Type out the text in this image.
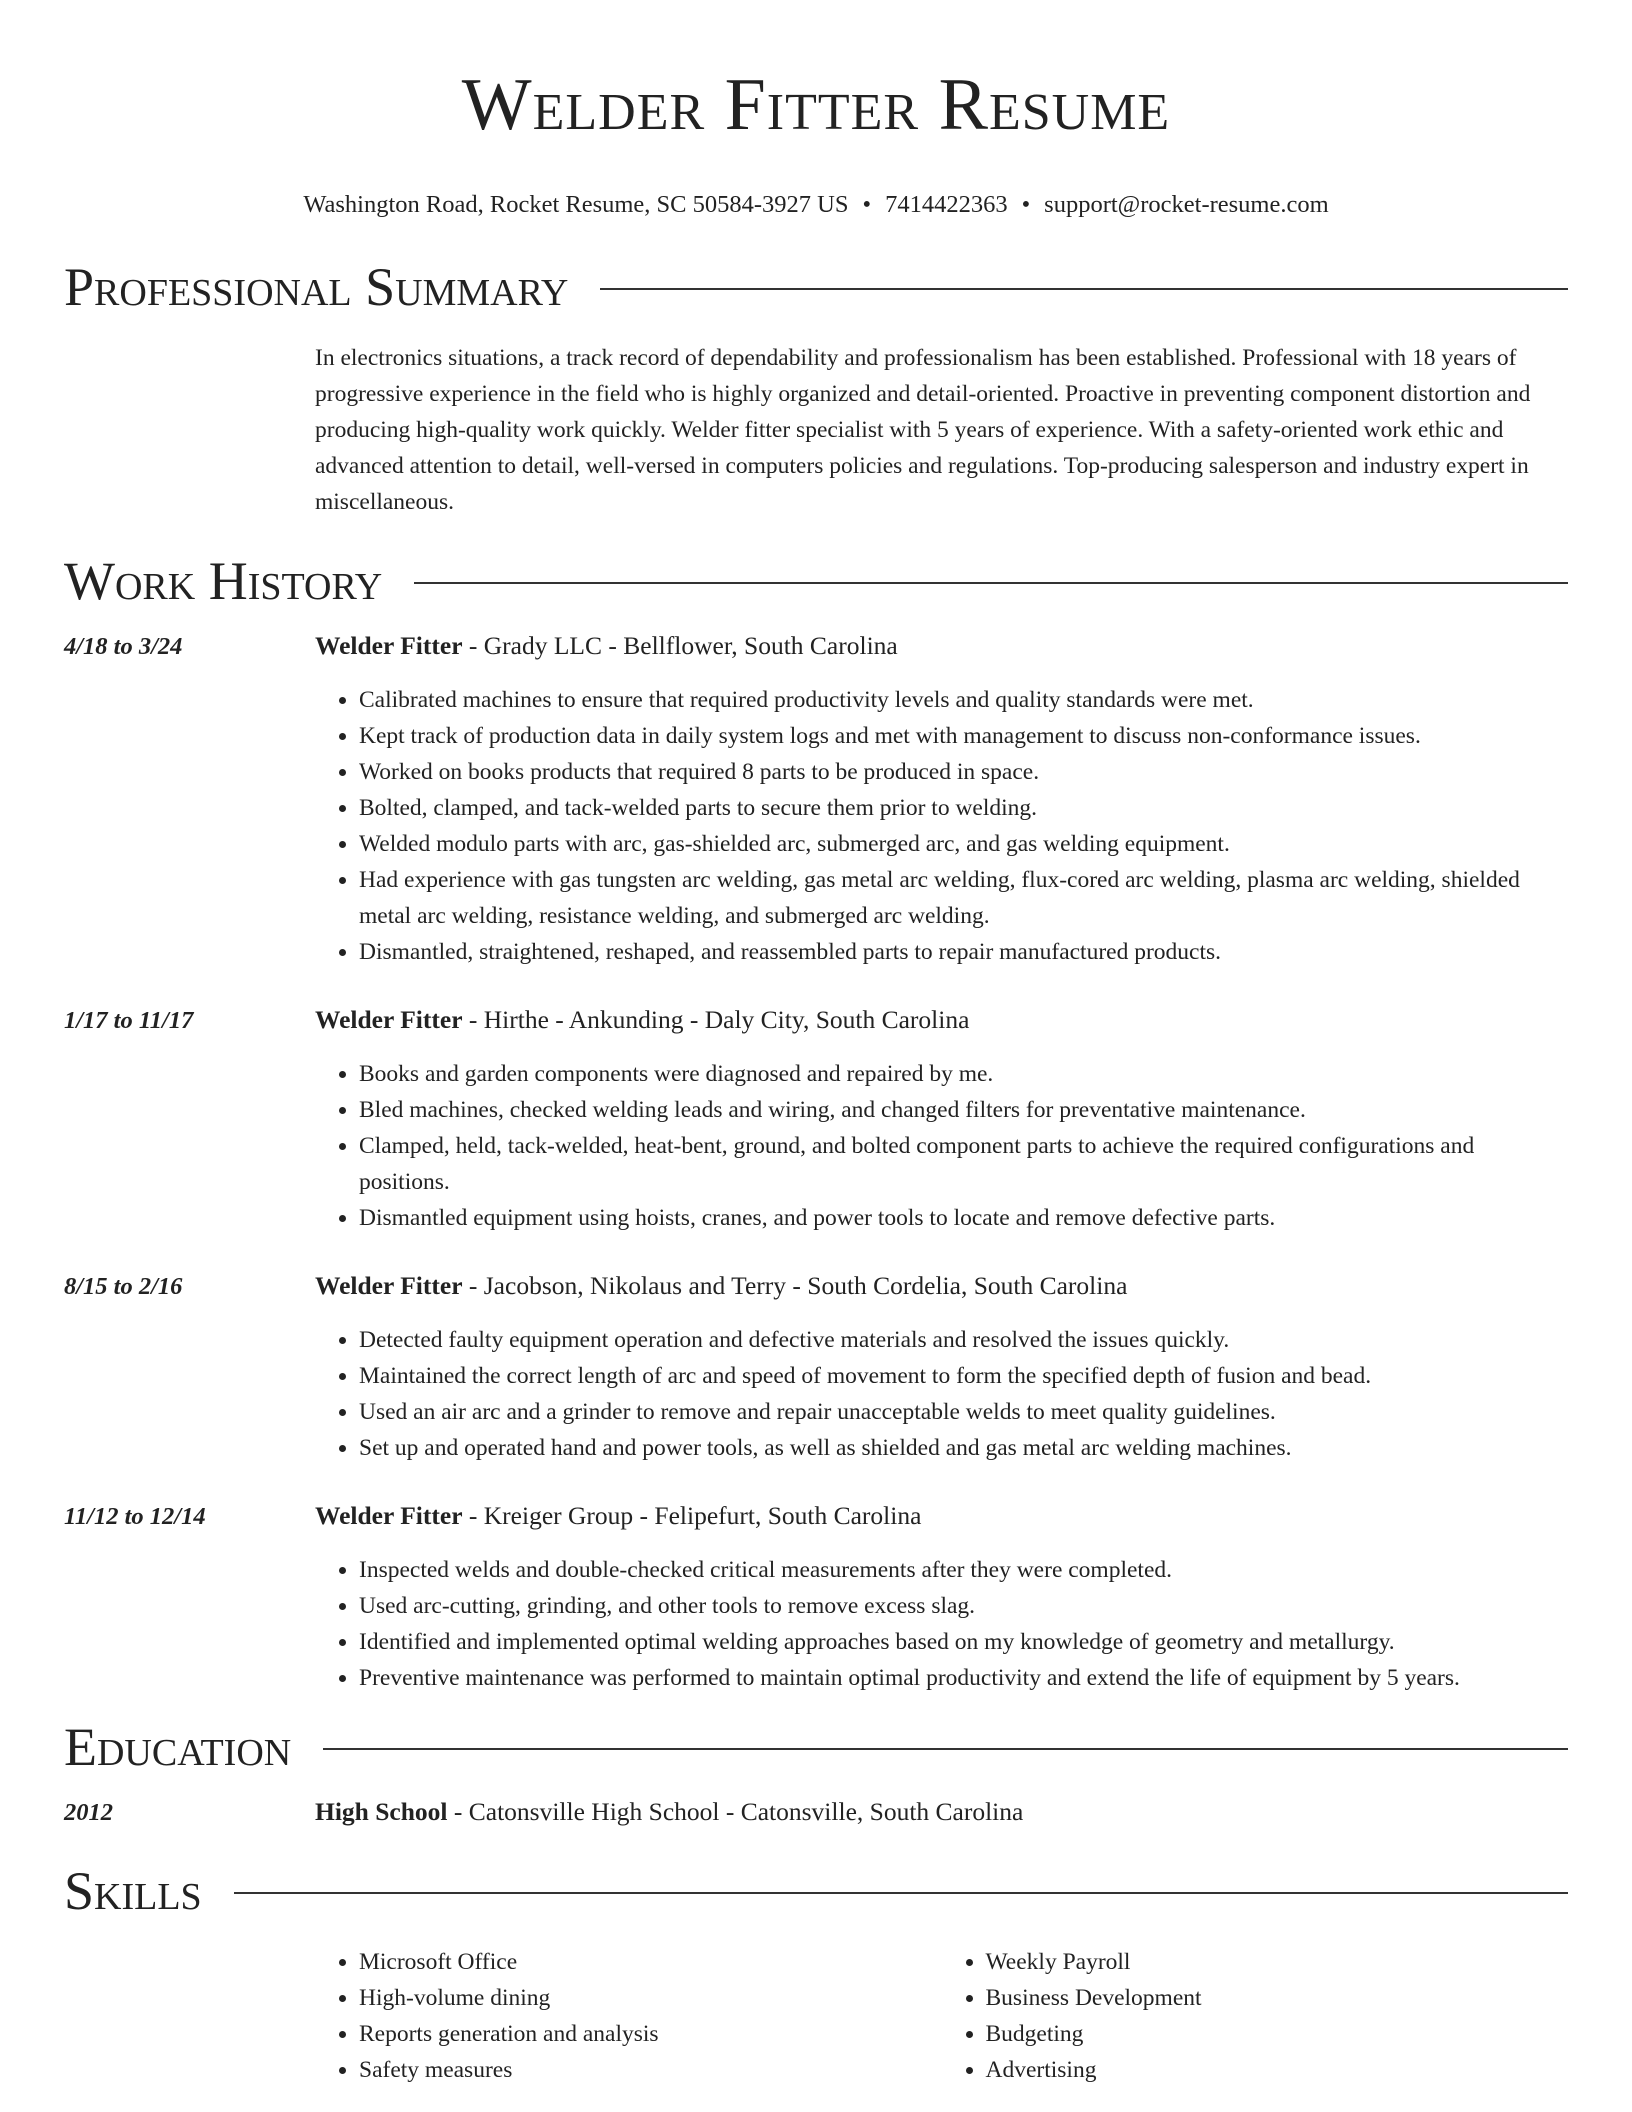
Welder Fitter Resume
Washington Road, Rocket Resume, SC 50584-3927 US • 7414422363 • support@rocket-resume.com
Professional Summary

In electronics situations, a track record of dependability and professionalism has been established. Professional with 18 years of progressive experience in the field who is highly organized and detail-oriented. Proactive in preventing component distortion and producing high-quality work quickly. Welder fitter specialist with 5 years of experience. With a safety-oriented work ethic and advanced attention to detail, well-versed in computers policies and regulations. Top-producing salesperson and industry expert in miscellaneous.

Work History
4/18 to 3/24	Welder Fitter - Grady LLC - Bellflower, South Carolina
• Calibrated machines to ensure that required productivity levels and quality standards were met.
• Kept track of production data in daily system logs and met with management to discuss non-conformance issues.
• Worked on books products that required 8 parts to be produced in space.
• Bolted, clamped, and tack-welded parts to secure them prior to welding.
• Welded modulo parts with arc, gas-shielded arc, submerged arc, and gas welding equipment.
• Had experience with gas tungsten arc welding, gas metal arc welding, flux-cored arc welding, plasma arc welding, shielded metal arc welding, resistance welding, and submerged arc welding.
• Dismantled, straightened, reshaped, and reassembled parts to repair manufactured products.
1/17 to 11/17	Welder Fitter - Hirthe - Ankunding - Daly City, South Carolina
• Books and garden components were diagnosed and repaired by me.
• Bled machines, checked welding leads and wiring, and changed filters for preventative maintenance.
• Clamped, held, tack-welded, heat-bent, ground, and bolted component parts to achieve the required configurations and positions.
• Dismantled equipment using hoists, cranes, and power tools to locate and remove defective parts.
8/15 to 2/16	Welder Fitter - Jacobson, Nikolaus and Terry - South Cordelia, South Carolina
• Detected faulty equipment operation and defective materials and resolved the issues quickly.
• Maintained the correct length of arc and speed of movement to form the specified depth of fusion and bead.
• Used an air arc and a grinder to remove and repair unacceptable welds to meet quality guidelines.
• Set up and operated hand and power tools, as well as shielded and gas metal arc welding machines.
11/12 to 12/14	Welder Fitter - Kreiger Group - Felipefurt, South Carolina
• Inspected welds and double-checked critical measurements after they were completed.
• Used arc-cutting, grinding, and other tools to remove excess slag.
• Identified and implemented optimal welding approaches based on my knowledge of geometry and metallurgy.
• Preventive maintenance was performed to maintain optimal productivity and extend the life of equipment by 5 years.
Education
2012	High School - Catonsville High School - Catonsville, South Carolina
Skills
• Microsoft Office
• High-volume dining
• Reports generation and analysis
• Safety measures
• Weekly Payroll
• Business Development
• Budgeting
• Advertising
